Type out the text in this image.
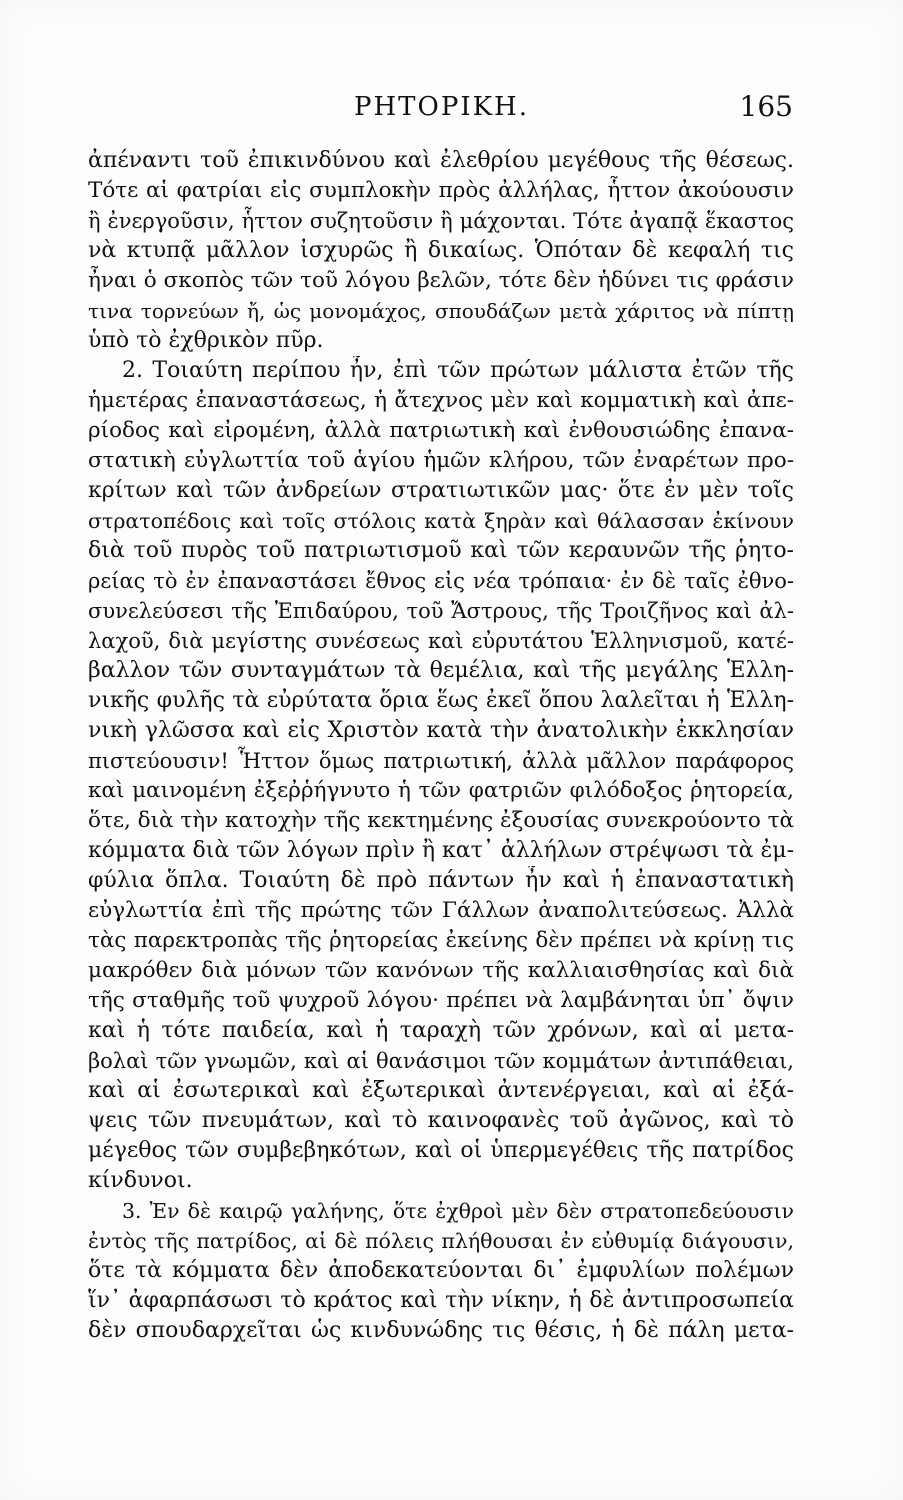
ΡΗΤΟΡΙΚΗ.	165
ἀπέναντι τοῦ ἐπικινδύνου καὶ ἐλεθρίου μεγέθους τῆς θέσεως.
Τότε αἱ φατρίαι εἰς συμπλοκὴν πρὸς ἀλλήλας, ἧττον ἀκούουσιν
ἢ ἐνεργοῦσιν, ἧττον συζητοῦσιν ἢ μάχονται. Τότε ἀγαπᾷ ἕκαστος
νὰ κτυπᾷ μᾶλλον ἰσχυρῶς ἢ δικαίως. Ὁπόταν δὲ κεφαλή τις
ἦναι ὁ σκοπὸς τῶν τοῦ λόγου βελῶν, τότε δὲν ἡδύνει τις φράσιν
τινα τορνεύων ἤ, ὡς μονομάχος, σπουδάζων μετὰ χάριτος νὰ πίπτῃ
ὑπὸ τὸ ἐχθρικὸν πῦρ.
2. Τοιαύτη περίπου ἦν, ἐπὶ τῶν πρώτων μάλιστα ἐτῶν τῆς
ἡμετέρας ἐπαναστάσεως, ἡ ἄτεχνος μὲν καὶ κομματικὴ καὶ ἀπε-
ρίοδος καὶ εἰρομένη, ἀλλὰ πατριωτικὴ καὶ ἐνθουσιώδης ἐπανα-
στατικὴ εὐγλωττία τοῦ ἁγίου ἡμῶν κλήρου, τῶν ἐναρέτων προ-
κρίτων καὶ τῶν ἀνδρείων στρατιωτικῶν μας· ὅτε ἐν μὲν τοῖς
στρατοπέδοις καὶ τοῖς στόλοις κατὰ ξηρὰν καὶ θάλασσαν ἐκίνουν
διὰ τοῦ πυρὸς τοῦ πατριωτισμοῦ καὶ τῶν κεραυνῶν τῆς ῥητο-
ρείας τὸ ἐν ἐπαναστάσει ἔθνος εἰς νέα τρόπαια· ἐν δὲ ταῖς ἐθνο-
συνελεύσεσι τῆς Ἐπιδαύρου, τοῦ Ἄστρους, τῆς Τροιζῆνος καὶ ἀλ-
λαχοῦ, διὰ μεγίστης συνέσεως καὶ εὐρυτάτου Ἑλληνισμοῦ, κατέ-
βαλλον τῶν συνταγμάτων τὰ θεμέλια, καὶ τῆς μεγάλης Ἑλλη-
νικῆς φυλῆς τὰ εὐρύτατα ὅρια ἕως ἐκεῖ ὅπου λαλεῖται ἡ Ἑλλη-
νικὴ γλῶσσα καὶ εἰς Χριστὸν κατὰ τὴν ἀνατολικὴν ἐκκλησίαν
πιστεύουσιν! Ἧττον ὅμως πατριωτική, ἀλλὰ μᾶλλον παράφορος
καὶ μαινομένη ἐξεῤῥήγνυτο ἡ τῶν φατριῶν φιλόδοξος ῥητορεία,
ὅτε, διὰ τὴν κατοχὴν τῆς κεκτημένης ἐξουσίας συνεκρούοντο τὰ
κόμματα διὰ τῶν λόγων πρὶν ἢ κατ᾽ ἀλλήλων στρέψωσι τὰ ἐμ-
φύλια ὅπλα. Τοιαύτη δὲ πρὸ πάντων ἦν καὶ ἡ ἐπαναστατικὴ
εὐγλωττία ἐπὶ τῆς πρώτης τῶν Γάλλων ἀναπολιτεύσεως. Ἀλλὰ
τὰς παρεκτροπὰς τῆς ῥητορείας ἐκείνης δὲν πρέπει νὰ κρίνῃ τις
μακρόθεν διὰ μόνων τῶν κανόνων τῆς καλλιαισθησίας καὶ διὰ
τῆς σταθμῆς τοῦ ψυχροῦ λόγου· πρέπει νὰ λαμβάνηται ὑπ᾽ ὄψιν
καὶ ἡ τότε παιδεία, καὶ ἡ ταραχὴ τῶν χρόνων, καὶ αἱ μετα-
βολαὶ τῶν γνωμῶν, καὶ αἱ θανάσιμοι τῶν κομμάτων ἀντιπάθειαι,
καὶ αἱ ἐσωτερικαὶ καὶ ἐξωτερικαὶ ἀντενέργειαι, καὶ αἱ ἐξά-
ψεις τῶν πνευμάτων, καὶ τὸ καινοφανὲς τοῦ ἀγῶνος, καὶ τὸ
μέγεθος τῶν συμβεβηκότων, καὶ οἱ ὑπερμεγέθεις τῆς πατρίδος
κίνδυνοι.
3. Ἐν δὲ καιρῷ γαλήνης, ὅτε ἐχθροὶ μὲν δὲν στρατοπεδεύουσιν
ἐντὸς τῆς πατρίδος, αἱ δὲ πόλεις πλήθουσαι ἐν εὐθυμίᾳ διάγουσιν,
ὅτε τὰ κόμματα δὲν ἀποδεκατεύονται δι᾽ ἐμφυλίων πολέμων
ἵν᾽ ἀφαρπάσωσι τὸ κράτος καὶ τὴν νίκην, ἡ δὲ ἀντιπροσωπεία
δὲν σπουδαρχεῖται ὡς κινδυνώδης τις θέσις, ἡ δὲ πάλη μετα-
